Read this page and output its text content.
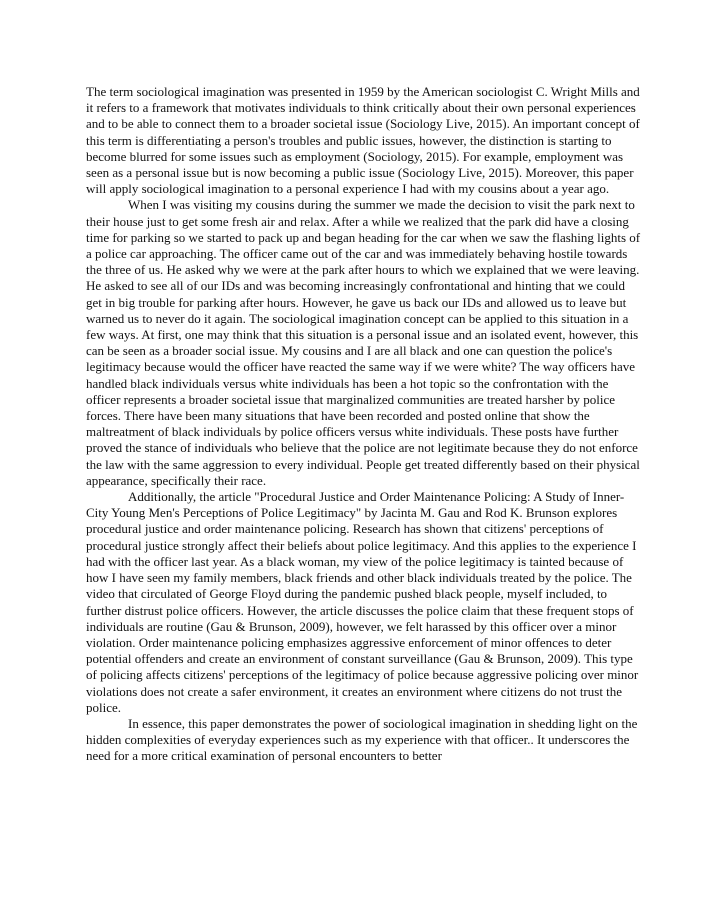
The term sociological imagination was presented in 1959 by the American sociologist C. Wright Mills and it refers to a framework that motivates individuals to think critically about their own personal experiences and to be able to connect them to a broader societal issue (Sociology Live, 2015). An important concept of this term is differentiating a person's troubles and public issues, however, the distinction is starting to become blurred for some issues such as employment (Sociology, 2015). For example, employment was seen as a personal issue but is now becoming a public issue (Sociology Live, 2015). Moreover, this paper will apply sociological imagination to a personal experience I had with my cousins about a year ago.

When I was visiting my cousins during the summer we made the decision to visit the park next to their house just to get some fresh air and relax. After a while we realized that the park did have a closing time for parking so we started to pack up and began heading for the car when we saw the flashing lights of a police car approaching. The officer came out of the car and was immediately behaving hostile towards the three of us. He asked why we were at the park after hours to which we explained that we were leaving. He asked to see all of our IDs and was becoming increasingly confrontational and hinting that we could get in big trouble for parking after hours. However, he gave us back our IDs and allowed us to leave but warned us to never do it again. The sociological imagination concept can be applied to this situation in a few ways. At first, one may think that this situation is a personal issue and an isolated event, however, this can be seen as a broader social issue. My cousins and I are all black and one can question the police's legitimacy because would the officer have reacted the same way if we were white? The way officers have handled black individuals versus white individuals has been a hot topic so the confrontation with the officer represents a broader societal issue that marginalized communities are treated harsher by police forces. There have been many situations that have been recorded and posted online that show the maltreatment of black individuals by police officers versus white individuals. These posts have further proved the stance of individuals who believe that the police are not legitimate because they do not enforce the law with the same aggression to every individual. People get treated differently based on their physical appearance, specifically their race.

Additionally, the article "Procedural Justice and Order Maintenance Policing: A Study of Inner-City Young Men's Perceptions of Police Legitimacy" by Jacinta M. Gau and Rod K. Brunson explores procedural justice and order maintenance policing. Research has shown that citizens' perceptions of procedural justice strongly affect their beliefs about police legitimacy. And this applies to the experience I had with the officer last year. As a black woman, my view of the police legitimacy is tainted because of how I have seen my family members, black friends and other black individuals treated by the police. The video that circulated of George Floyd during the pandemic pushed black people, myself included, to further distrust police officers. However, the article discusses the police claim that these frequent stops of individuals are routine (Gau & Brunson, 2009), however, we felt harassed by this officer over a minor violation. Order maintenance policing emphasizes aggressive enforcement of minor offences to deter potential offenders and create an environment of constant surveillance (Gau & Brunson, 2009). This type of policing affects citizens' perceptions of the legitimacy of police because aggressive policing over minor violations does not create a safer environment, it creates an environment where citizens do not trust the police.

In essence, this paper demonstrates the power of sociological imagination in shedding light on the hidden complexities of everyday experiences such as my experience with that officer.. It underscores the need for a more critical examination of personal encounters to better
